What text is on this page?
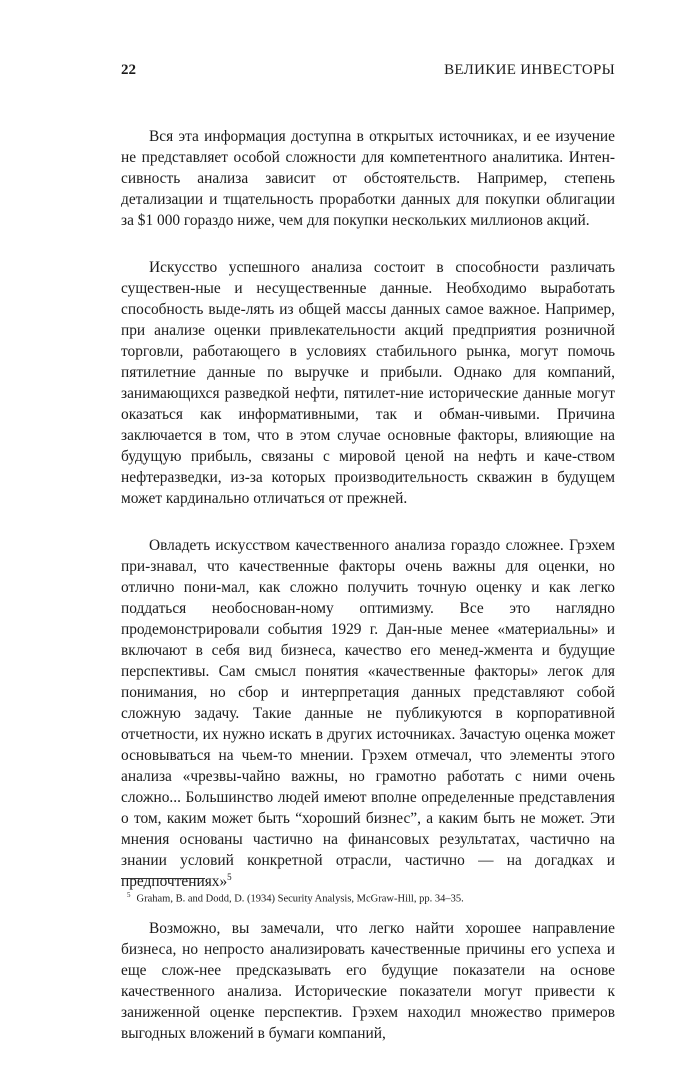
22	ВЕЛИКИЕ ИНВЕСТОРЫ

Вся эта информация доступна в открытых источниках, и ее изучение не представляет особой сложности для компетентного аналитика. Интен-сивность анализа зависит от обстоятельств. Например, степень детализации и тщательность проработки данных для покупки облигации за $1 000 гораздо ниже, чем для покупки нескольких миллионов акций.

Искусство успешного анализа состоит в способности различать существен-ные и несущественные данные. Необходимо выработать способность выде-лять из общей массы данных самое важное. Например, при анализе оценки привлекательности акций предприятия розничной торговли, работающего в условиях стабильного рынка, могут помочь пятилетние данные по выручке и прибыли. Однако для компаний, занимающихся разведкой нефти, пятилет-ние исторические данные могут оказаться как информативными, так и обман-чивыми. Причина заключается в том, что в этом случае основные факторы, влияющие на будущую прибыль, связаны с мировой ценой на нефть и каче-ством нефтеразведки, из-за которых производительность скважин в будущем может кардинально отличаться от прежней.

Овладеть искусством качественного анализа гораздо сложнее. Грэхем при-знавал, что качественные факторы очень важны для оценки, но отлично пони-мал, как сложно получить точную оценку и как легко поддаться необоснован-ному оптимизму. Все это наглядно продемонстрировали события 1929 г. Дан-ные менее «материальны» и включают в себя вид бизнеса, качество его менед-жмента и будущие перспективы. Сам смысл понятия «качественные факторы» легок для понимания, но сбор и интерпретация данных представляют собой сложную задачу. Такие данные не публикуются в корпоративной отчетности, их нужно искать в других источниках. Зачастую оценка может основываться на чьем-то мнении. Грэхем отмечал, что элементы этого анализа «чрезвы-чайно важны, но грамотно работать с ними очень сложно... Большинство людей имеют вполне определенные представления о том, каким может быть “хороший бизнес”, а каким быть не может. Эти мнения основаны частично на финансовых результатах, частично на знании условий конкретной отрасли, частично — на догадках и предпочтениях»$^5$

Возможно, вы замечали, что легко найти хорошее направление бизнеса, но непросто анализировать качественные причины его успеха и еще слож-нее предсказывать его будущие показатели на основе качественного анализа. Исторические показатели могут привести к заниженной оценке перспектив. Грэхем находил множество примеров выгодных вложений в бумаги компаний,

$^5$ Graham, B. and Dodd, D. (1934) Security Analysis, McGraw-Hill, pp. 34–35.
